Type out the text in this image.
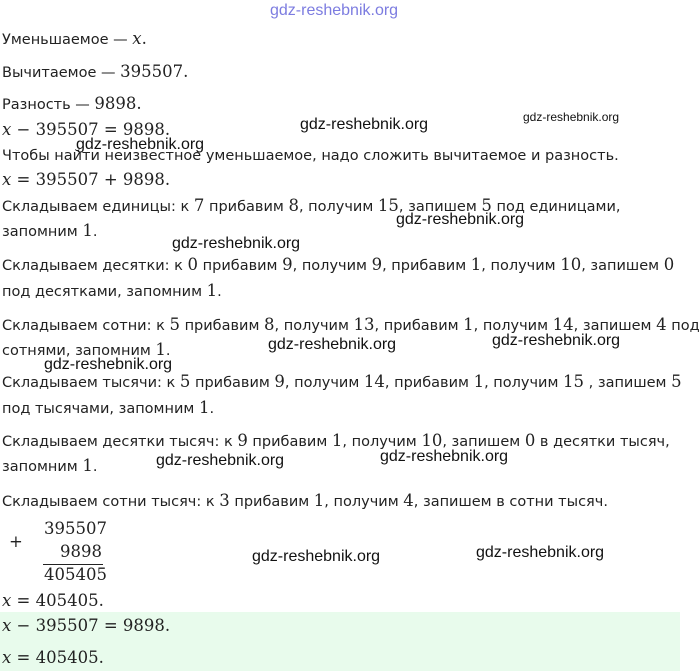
gdz-reshebnik.org
Уменьшаемое — x.
Вычитаемое — 395507.
Разность — 9898.
x − 395507 = 9898.
Чтобы найти неизвестное уменьшаемое, надо сложить вычитаемое и разность.
x = 395507 + 9898.
Складываем единицы: к 7 прибавим 8, получим 15, запишем 5 под единицами,
запомним 1.
Складываем десятки: к 0 прибавим 9, получим 9, прибавим 1, получим 10, запишем 0
под десятками, запомним 1.
Складываем сотни: к 5 прибавим 8, получим 13, прибавим 1, получим 14, запишем 4 под
сотнями, запомним 1.
Складываем тысячи: к 5 прибавим 9, получим 14, прибавим 1, получим 15 , запишем 5
под тысячами, запомним 1.
Складываем десятки тысяч: к 9 прибавим 1, получим 10, запишем 0 в десятки тысяч,
запомним 1.
Складываем сотни тысяч: к 3 прибавим 1, получим 4, запишем в сотни тысяч.
+
395507
9898
405405
x = 405405.
x − 395507 = 9898.
x = 405405.
gdz-reshebnik.org	gdz-reshebnik.org
gdz-reshebnik.org
gdz-reshebnik.org
gdz-reshebnik.org
gdz-reshebnik.org	gdz-reshebnik.org
gdz-reshebnik.org
gdz-reshebnik.org	gdz-reshebnik.org
gdz-reshebnik.org	gdz-reshebnik.org
